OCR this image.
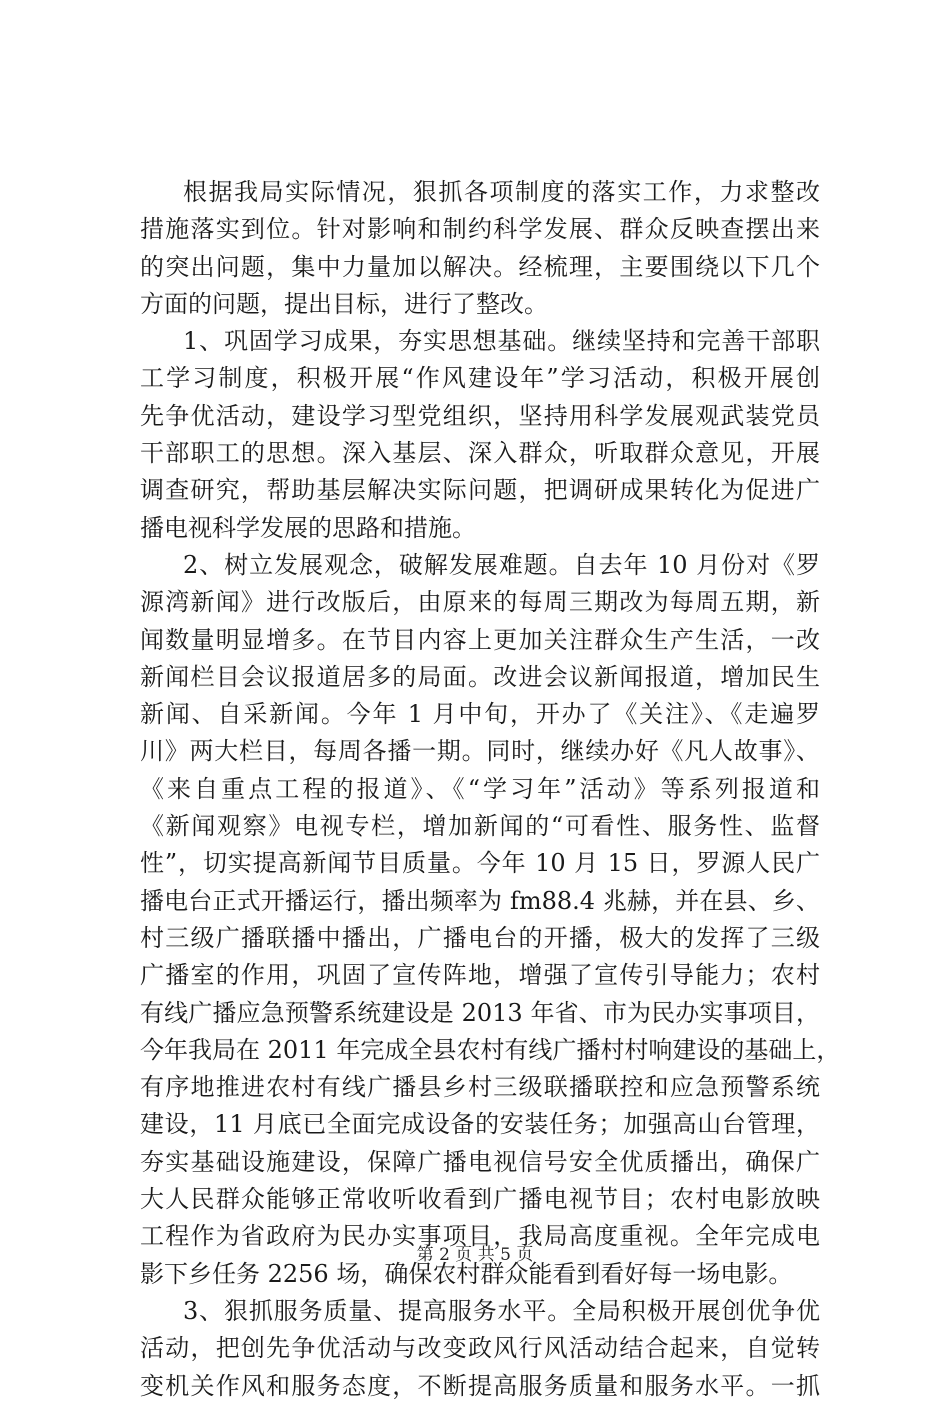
根据我局实际情况，狠抓各项制度的落实工作，力求整改
措施落实到位。针对影响和制约科学发展、群众反映查摆出来
的突出问题，集中力量加以解决。经梳理，主要围绕以下几个
方面的问题，提出目标，进行了整改。
1、巩固学习成果，夯实思想基础。继续坚持和完善干部职
工学习制度，积极开展“作风建设年”学习活动，积极开展创
先争优活动，建设学习型党组织，坚持用科学发展观武装党员
干部职工的思想。深入基层、深入群众，听取群众意见，开展
调查研究，帮助基层解决实际问题，把调研成果转化为促进广
播电视科学发展的思路和措施。
2、树立发展观念，破解发展难题。自去年 10 月份对《罗
源湾新闻》进行改版后，由原来的每周三期改为每周五期，新
闻数量明显增多。在节目内容上更加关注群众生产生活，一改
新闻栏目会议报道居多的局面。改进会议新闻报道，增加民生
新闻、自采新闻。今年 1 月中旬，开办了《关注》、《走遍罗
川》两大栏目，每周各播一期。同时，继续办好《凡人故事》、
《来自重点工程的报道》、《“学习年”活动》等系列报道和
《新闻观察》电视专栏，增加新闻的“可看性、服务性、监督
性”，切实提高新闻节目质量。今年 10 月 15 日，罗源人民广
播电台正式开播运行，播出频率为 fm88.4 兆赫，并在县、乡、
村三级广播联播中播出，广播电台的开播，极大的发挥了三级
广播室的作用，巩固了宣传阵地，增强了宣传引导能力；农村
有线广播应急预警系统建设是 2013 年省、市为民办实事项目，
今年我局在 2011 年完成全县农村有线广播村村响建设的基础上，
有序地推进农村有线广播县乡村三级联播联控和应急预警系统
建设，11 月底已全面完成设备的安装任务；加强高山台管理，
夯实基础设施建设，保障广播电视信号安全优质播出，确保广
大人民群众能够正常收听收看到广播电视节目；农村电影放映
工程作为省政府为民办实事项目，我局高度重视。全年完成电
影下乡任务 2256 场，确保农村群众能看到看好每一场电影。
3、狠抓服务质量、提高服务水平。全局积极开展创优争优
活动，把创先争优活动与改变政风行风活动结合起来，自觉转
变机关作风和服务态度，不断提高服务质量和服务水平。一抓
第 2 页 共 5 页
